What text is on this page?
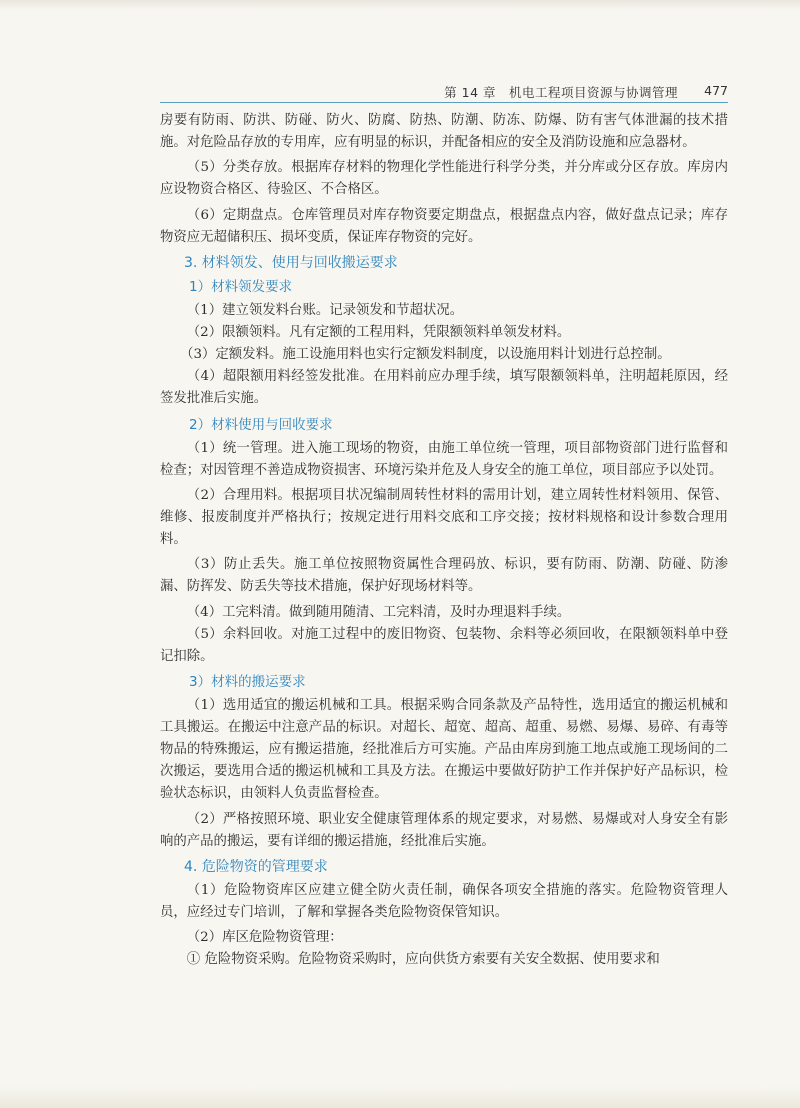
第 14 章　机电工程项目资源与协调管理 477

房要有防雨、防洪、防碰、防火、防腐、防热、防潮、防冻、防爆、防有害气体泄漏的技术措施。对危险品存放的专用库，应有明显的标识，并配备相应的安全及消防设施和应急器材。

（5）分类存放。根据库存材料的物理化学性能进行科学分类，并分库或分区存放。库房内应设物资合格区、待验区、不合格区。

（6）定期盘点。仓库管理员对库存物资要定期盘点，根据盘点内容，做好盘点记录；库存物资应无超储积压、损坏变质，保证库存物资的完好。

3. 材料领发、使用与回收搬运要求
1）材料领发要求

（1）建立领发料台账。记录领发和节超状况。

（2）限额领料。凡有定额的工程用料，凭限额领料单领发材料。

（3）定额发料。施工设施用料也实行定额发料制度，以设施用料计划进行总控制。

（4）超限额用料经签发批准。在用料前应办理手续，填写限额领料单，注明超耗原因，经签发批准后实施。

2）材料使用与回收要求

（1）统一管理。进入施工现场的物资，由施工单位统一管理，项目部物资部门进行监督和检查；对因管理不善造成物资损害、环境污染并危及人身安全的施工单位，项目部应予以处罚。

（2）合理用料。根据项目状况编制周转性材料的需用计划，建立周转性材料领用、保管、维修、报废制度并严格执行；按规定进行用料交底和工序交接；按材料规格和设计参数合理用料。

（3）防止丢失。施工单位按照物资属性合理码放、标识，要有防雨、防潮、防碰、防渗漏、防挥发、防丢失等技术措施，保护好现场材料等。

（4）工完料清。做到随用随清、工完料清，及时办理退料手续。

（5）余料回收。对施工过程中的废旧物资、包装物、余料等必须回收，在限额领料单中登记扣除。

3）材料的搬运要求

（1）选用适宜的搬运机械和工具。根据采购合同条款及产品特性，选用适宜的搬运机械和工具搬运。在搬运中注意产品的标识。对超长、超宽、超高、超重、易燃、易爆、易碎、有毒等物品的特殊搬运，应有搬运措施，经批准后方可实施。产品由库房到施工地点或施工现场间的二次搬运，要选用合适的搬运机械和工具及方法。在搬运中要做好防护工作并保护好产品标识，检验状态标识，由领料人负责监督检查。

（2）严格按照环境、职业安全健康管理体系的规定要求，对易燃、易爆或对人身安全有影响的产品的搬运，要有详细的搬运措施，经批准后实施。

4. 危险物资的管理要求

（1）危险物资库区应建立健全防火责任制，确保各项安全措施的落实。危险物资管理人员，应经过专门培训，了解和掌握各类危险物资保管知识。

（2）库区危险物资管理：

① 危险物资采购。危险物资采购时，应向供货方索要有关安全数据、使用要求和
